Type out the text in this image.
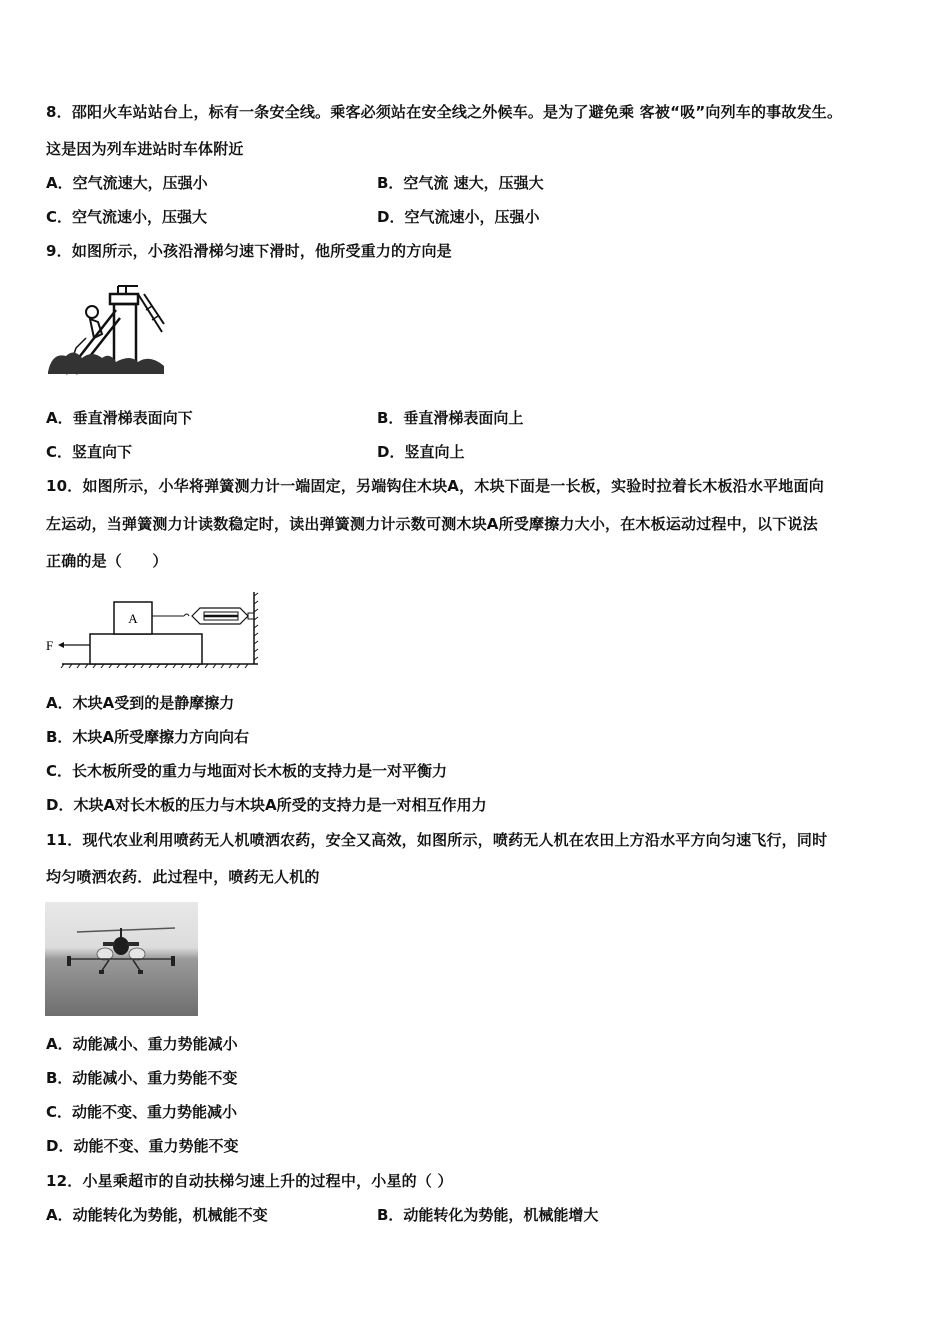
8．邵阳火车站站台上，标有一条安全线。乘客必须站在安全线之外候车。是为了避免乘 客被“吸”向列车的事故发生。
这是因为列车进站时车体附近
A．空气流速大，压强小	B．空气流 速大，压强大
C．空气流速小，压强大	D．空气流速小，压强小
9．如图所示，小孩沿滑梯匀速下滑时，他所受重力的方向是
A．垂直滑梯表面向下	B．垂直滑梯表面向上
C．竖直向下	D．竖直向上
10．如图所示，小华将弹簧测力计一端固定，另端钩住木块A，木块下面是一长板，实验时拉着长木板沿水平地面向
左运动，当弹簧测力计读数稳定时，读出弹簧测力计示数可测木块A所受摩擦力大小，在木板运动过程中，以下说法
正确的是（　　）
A
F
A．木块A受到的是静摩擦力
B．木块A所受摩擦力方向向右
C．长木板所受的重力与地面对长木板的支持力是一对平衡力
D．木块A对长木板的压力与木块A所受的支持力是一对相互作用力
11．现代农业利用喷药无人机喷洒农药，安全又高效，如图所示，喷药无人机在农田上方沿水平方向匀速飞行，同时
均匀喷洒农药．此过程中，喷药无人机的
A．动能减小、重力势能减小
B．动能减小、重力势能不变
C．动能不变、重力势能减小
D．动能不变、重力势能不变
12．小星乘超市的自动扶梯匀速上升的过程中，小星的（ ）
A．动能转化为势能，机械能不变	B．动能转化为势能，机械能增大
